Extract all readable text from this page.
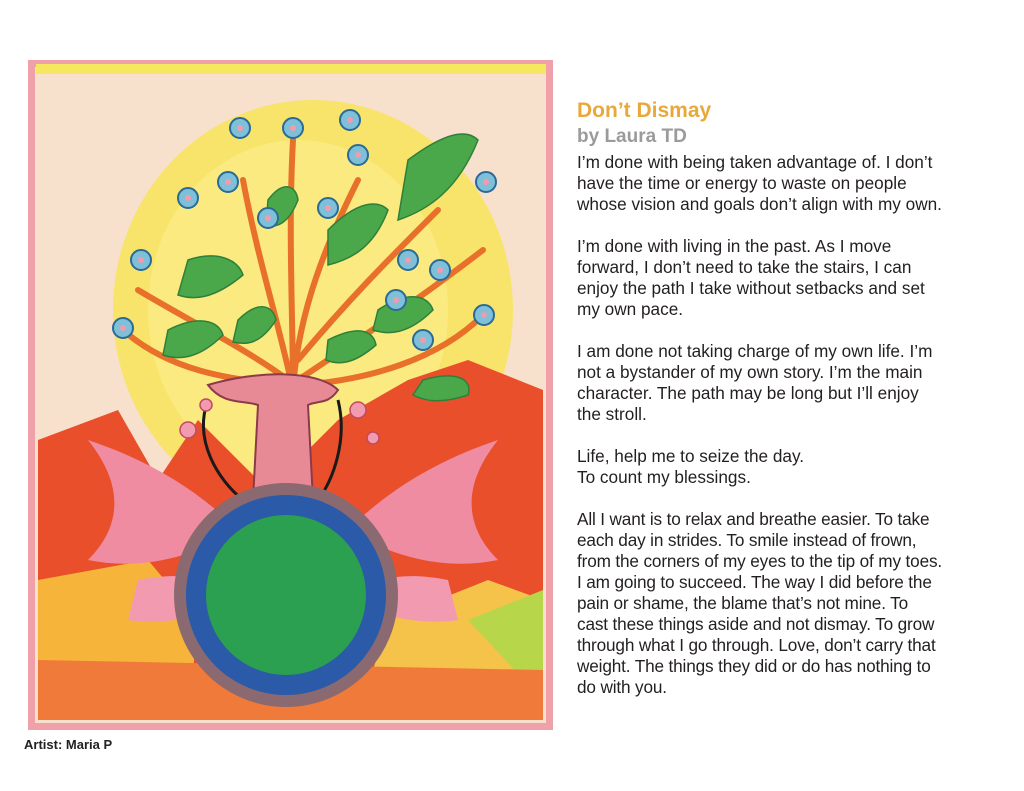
Artist: Maria P
Don’t Dismay
by Laura TD

I’m done with being taken advantage of. I don’t
have the time or energy to waste on people
whose vision and goals don’t align with my own.

I’m done with living in the past. As I move
forward, I don’t need to take the stairs, I can
enjoy the path I take without setbacks and set
my own pace.

I am done not taking charge of my own life. I’m
not a bystander of my own story. I’m the main
character. The path may be long but I’ll enjoy
the stroll.

Life, help me to seize the day.
To count my blessings.

All I want is to relax and breathe easier. To take
each day in strides. To smile instead of frown,
from the corners of my eyes to the tip of my toes.
I am going to succeed. The way I did before the
pain or shame, the blame that’s not mine. To
cast these things aside and not dismay. To grow
through what I go through. Love, don’t carry that
weight. The things they did or do has nothing to
do with you.
